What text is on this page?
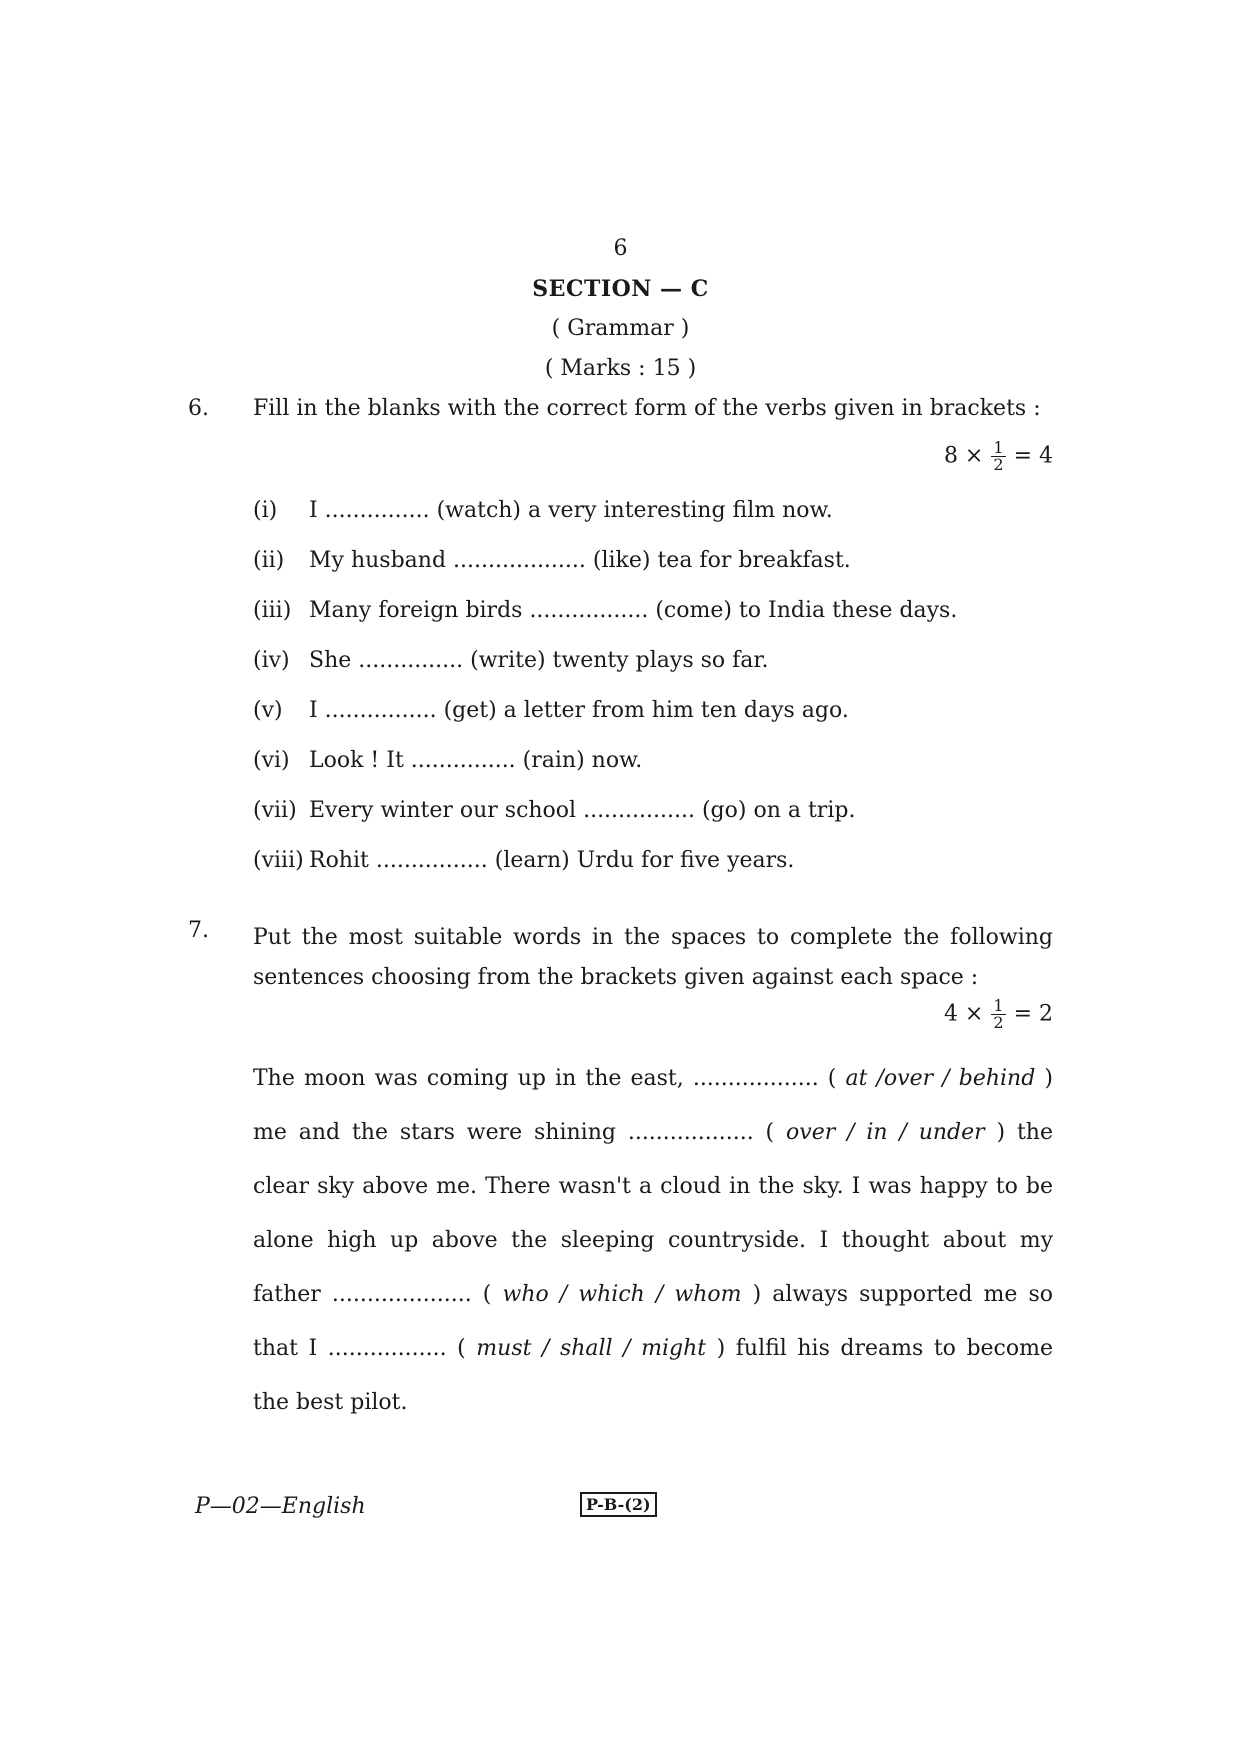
6
SECTION — C
( Grammar )
( Marks : 15 )
6. Fill in the blanks with the correct form of the verbs given in brackets :
$8 \times \frac{1}{2} = 4$
(i) I ............... (watch) a very interesting film now.
(ii) My husband ................... (like) tea for breakfast.
(iii) Many foreign birds ................. (come) to India these days.
(iv) She ............... (write) twenty plays so far.
(v) I ................ (get) a letter from him ten days ago.
(vi) Look ! It ............... (rain) now.
(vii) Every winter our school ................ (go) on a trip.
(viii) Rohit ................ (learn) Urdu for five years.
7. Put the most suitable words in the spaces to complete the following sentences choosing from the brackets given against each space :
$4 \times \frac{1}{2} = 2$
The moon was coming up in the east, .................. ( at /over / behind )
me and the stars were shining .................. ( over / in / under ) the
clear sky above me. There wasn't a cloud in the sky. I was happy to be
alone high up above the sleeping countryside. I thought about my
father .................... ( who / which / whom ) always supported me so
that I ................. ( must / shall / might ) fulfil his dreams to become
the best pilot.
P—02—English	P-B-(2)
